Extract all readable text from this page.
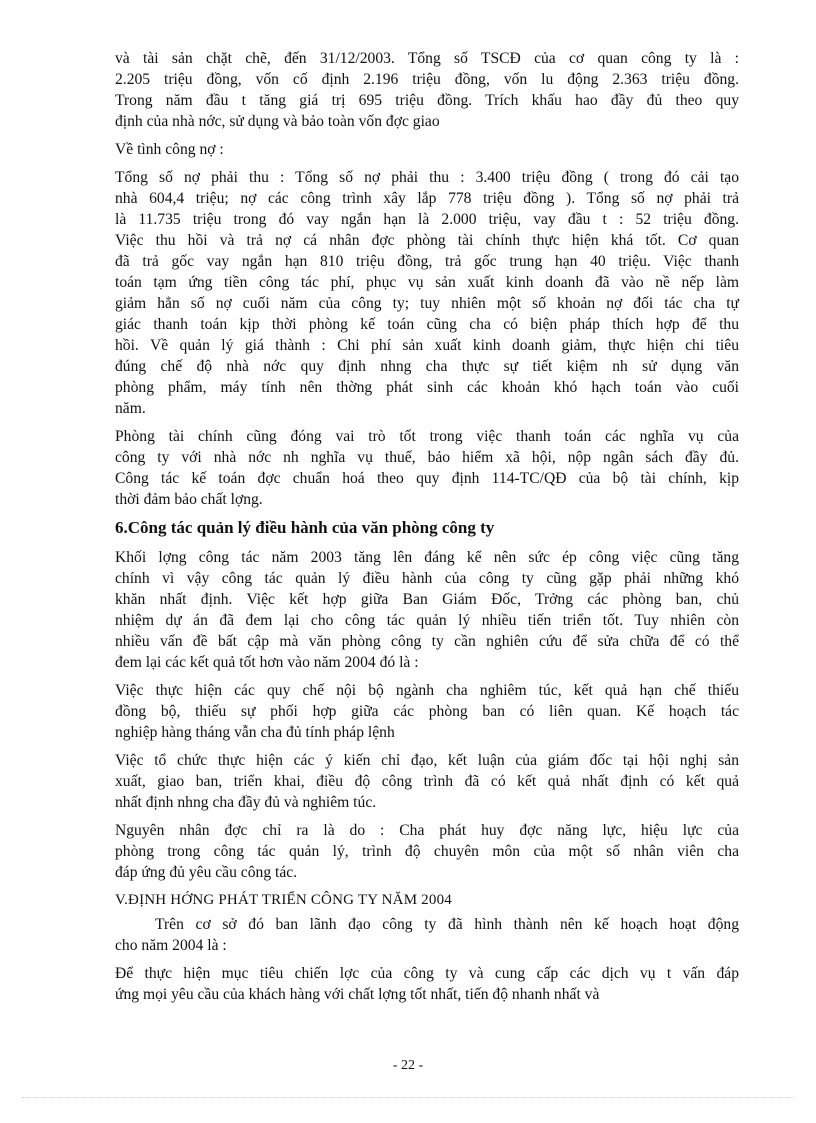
và tài sản chặt chẽ, đến 31/12/2003. Tổng số TSCĐ của cơ quan công ty là :
2.205 triệu đồng, vốn cố định 2.196 triệu đồng, vốn lu động 2.363 triệu đồng.
Trong năm đầu t tăng giá trị 695 triệu đồng. Trích khấu hao đầy đủ theo quy
định của nhà nớc, sử dụng và bảo toàn vốn đợc giao
Về tình công nợ :
Tổng số nợ phải thu : Tổng số nợ phải thu : 3.400 triệu đồng ( trong đó cải tạo
nhà 604,4 triệu; nợ các công trình xây lắp 778 triệu đồng ). Tổng số nợ phải trả
là 11.735 triệu trong đó vay ngắn hạn là 2.000 triệu, vay đầu t : 52 triệu đồng.
Việc thu hồi và trả nợ cá nhân đợc phòng tài chính thực hiện khá tốt. Cơ quan
đã trả gốc vay ngắn hạn 810 triệu đồng, trả gốc trung hạn 40 triệu. Việc thanh
toán tạm ứng tiền công tác phí, phục vụ sản xuất kinh doanh đã vào nề nếp làm
giảm hẳn số nợ cuối năm của công ty; tuy nhiên một số khoản nợ đối tác cha tự
giác thanh toán kịp thời phòng kế toán cũng cha có biện pháp thích hợp để thu
hồi. Về quản lý giá thành : Chi phí sản xuất kinh doanh giảm, thực hiện chi tiêu
đúng chế độ nhà nớc quy định nhng cha thực sự tiết kiệm nh sử dụng văn
phòng phẩm, máy tính nên thờng phát sinh các khoản khó hạch toán vào cuối
năm.
Phòng tài chính cũng đóng vai trò tốt trong việc thanh toán các nghĩa vụ của
công ty với nhà nớc nh nghĩa vụ thuế, bảo hiểm xã hội, nộp ngân sách đầy đủ.
Công tác kế toán đợc chuẩn hoá theo quy định 114-TC/QĐ của bộ tài chính, kịp
thời đảm bảo chất lợng.
6.Công tác quản lý điều hành của văn phòng công ty
Khối lợng công tác năm 2003 tăng lên đáng kể nên sức ép công việc cũng tăng
chính vì vậy công tác quản lý điều hành của công ty cũng gặp phải những khó
khăn nhất định. Việc kết hợp giữa Ban Giám Đốc, Trởng các phòng ban, chủ
nhiệm dự án đã đem lại cho công tác quản lý nhiều tiến triển tốt. Tuy nhiên còn
nhiều vấn đề bất cập mà văn phòng công ty cần nghiên cứu để sửa chữa để có thể
đem lại các kết quả tốt hơn vào năm 2004 đó là :
Việc thực hiện các quy chế nội bộ ngành cha nghiêm túc, kết quả hạn chế thiếu
đồng bộ, thiếu sự phối hợp giữa các phòng ban có liên quan. Kế hoạch tác
nghiệp hàng tháng vẫn cha đủ tính pháp lệnh
Việc tổ chức thực hiện các ý kiến chỉ đạo, kết luận của giám đốc tại hội nghị sản
xuất, giao ban, triển khai, điều độ công trình đã có kết quả nhất định có kết quả
nhất định nhng cha đầy đủ và nghiêm túc.
Nguyên nhân đợc chỉ ra là do : Cha phát huy đợc năng lực, hiệu lực của
phòng trong công tác quản lý, trình độ chuyên môn của một số nhân viên cha
đáp ứng đủ yêu cầu công tác.
V.ĐỊNH HỚNG PHÁT TRIỂN CÔNG TY NĂM 2004
Trên cơ sở đó ban lãnh đạo công ty đã hình thành nên kế hoạch hoạt động
cho năm 2004 là :
Để thực hiện mục tiêu chiến lợc của công ty và cung cấp các dịch vụ t vấn đáp
ứng mọi yêu cầu của khách hàng với chất lợng tốt nhất, tiến độ nhanh nhất và
- 22 -
